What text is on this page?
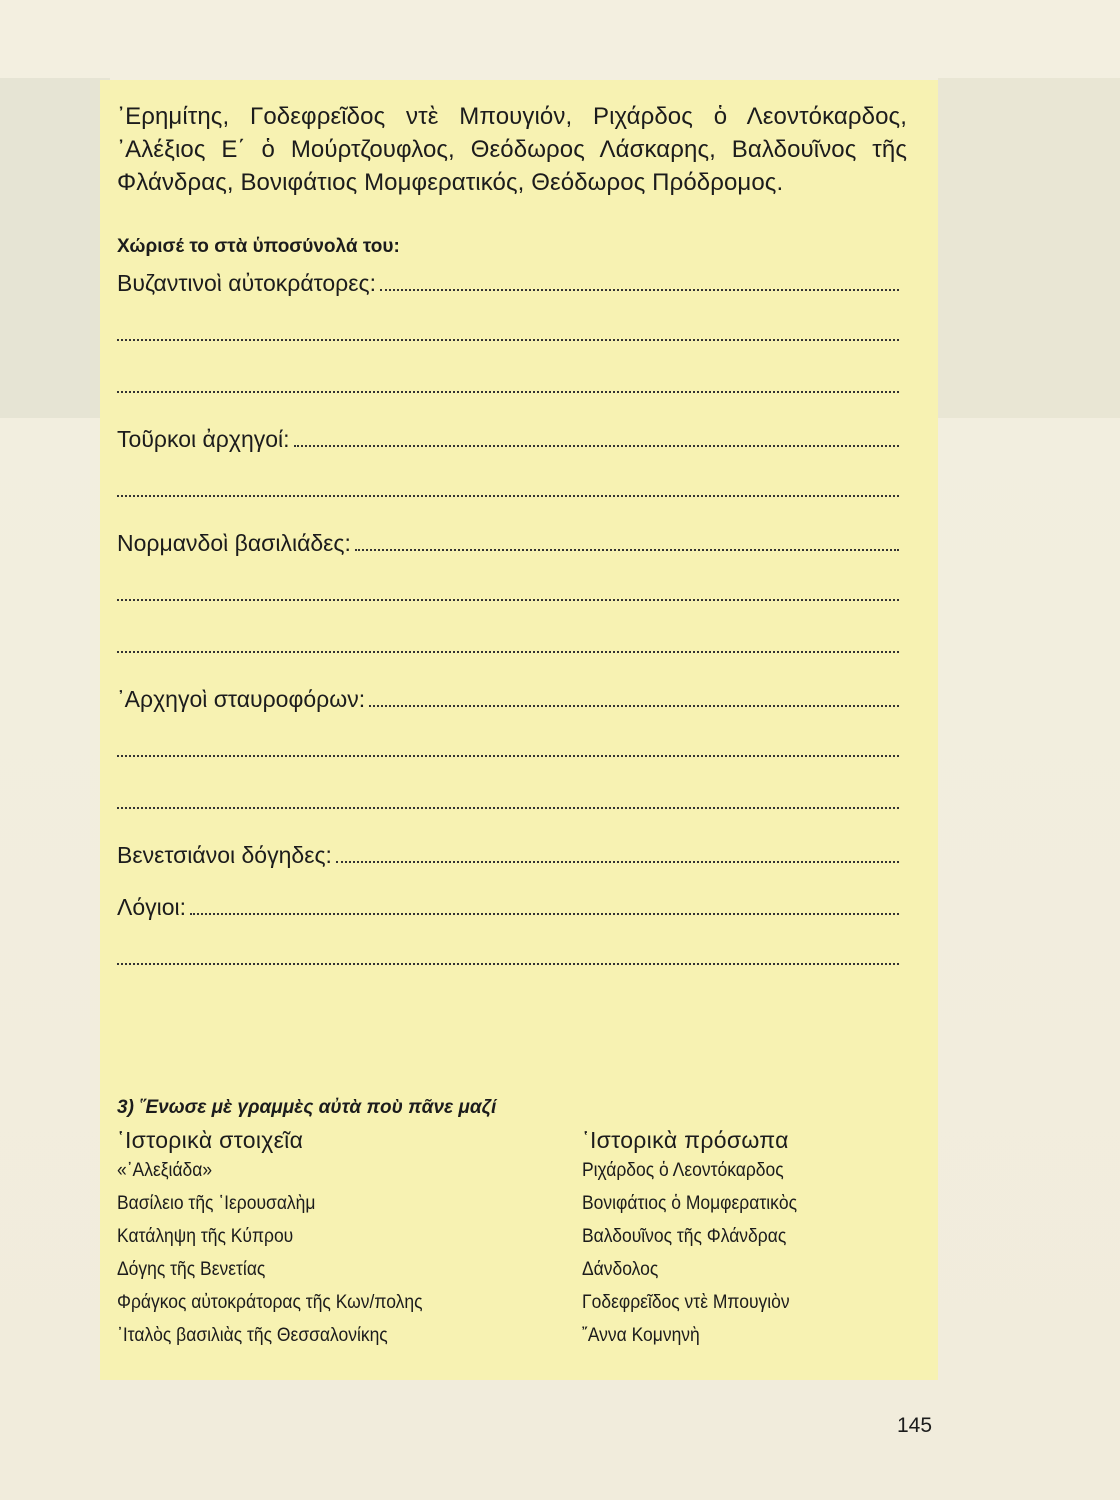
᾿Ερημίτης, Γοδεφρεῖδος ντὲ Μπουγιόν, Ριχάρδος ὁ Λεοντόκαρδος, ᾿Αλέξιος Ε΄ ὁ Μούρτζουφλος, Θεόδωρος Λάσκαρης, Βαλδουῖνος τῆς Φλάνδρας, Βονιφάτιος Μομφερατικός, Θεόδωρος Πρόδρομος.

Χώρισέ το στὰ ὑποσύνολά του:

Βυζαντινοὶ αὐτοκράτορες:
Τοῦρκοι ἀρχηγοί:
Νορμανδοὶ βασιλιάδες:
᾿Αρχηγοὶ σταυροφόρων:
Βενετσιάνοι δόγηδες:
Λόγιοι:
3) ῞Ενωσε μὲ γραμμὲς αὐτὰ ποὺ πᾶνε μαζί
῾Ιστορικὰ στοιχεῖα
«᾿Αλεξιάδα»
Βασίλειο τῆς ῾Ιερουσαλὴμ
Κατάληψη τῆς Κύπρου
Δόγης τῆς Βενετίας
Φράγκος αὐτοκράτορας τῆς Κων/πολης
᾿Ιταλὸς βασιλιὰς τῆς Θεσσαλονίκης
῾Ιστορικὰ πρόσωπα
Ριχάρδος ὁ Λεοντόκαρδος
Βονιφάτιος ὁ Μομφερατικὸς
Βαλδουῖνος τῆς Φλάνδρας
Δάνδολος
Γοδεφρεῖδος ντὲ Μπουγιὸν
῎Αννα Κομνηνὴ
145
